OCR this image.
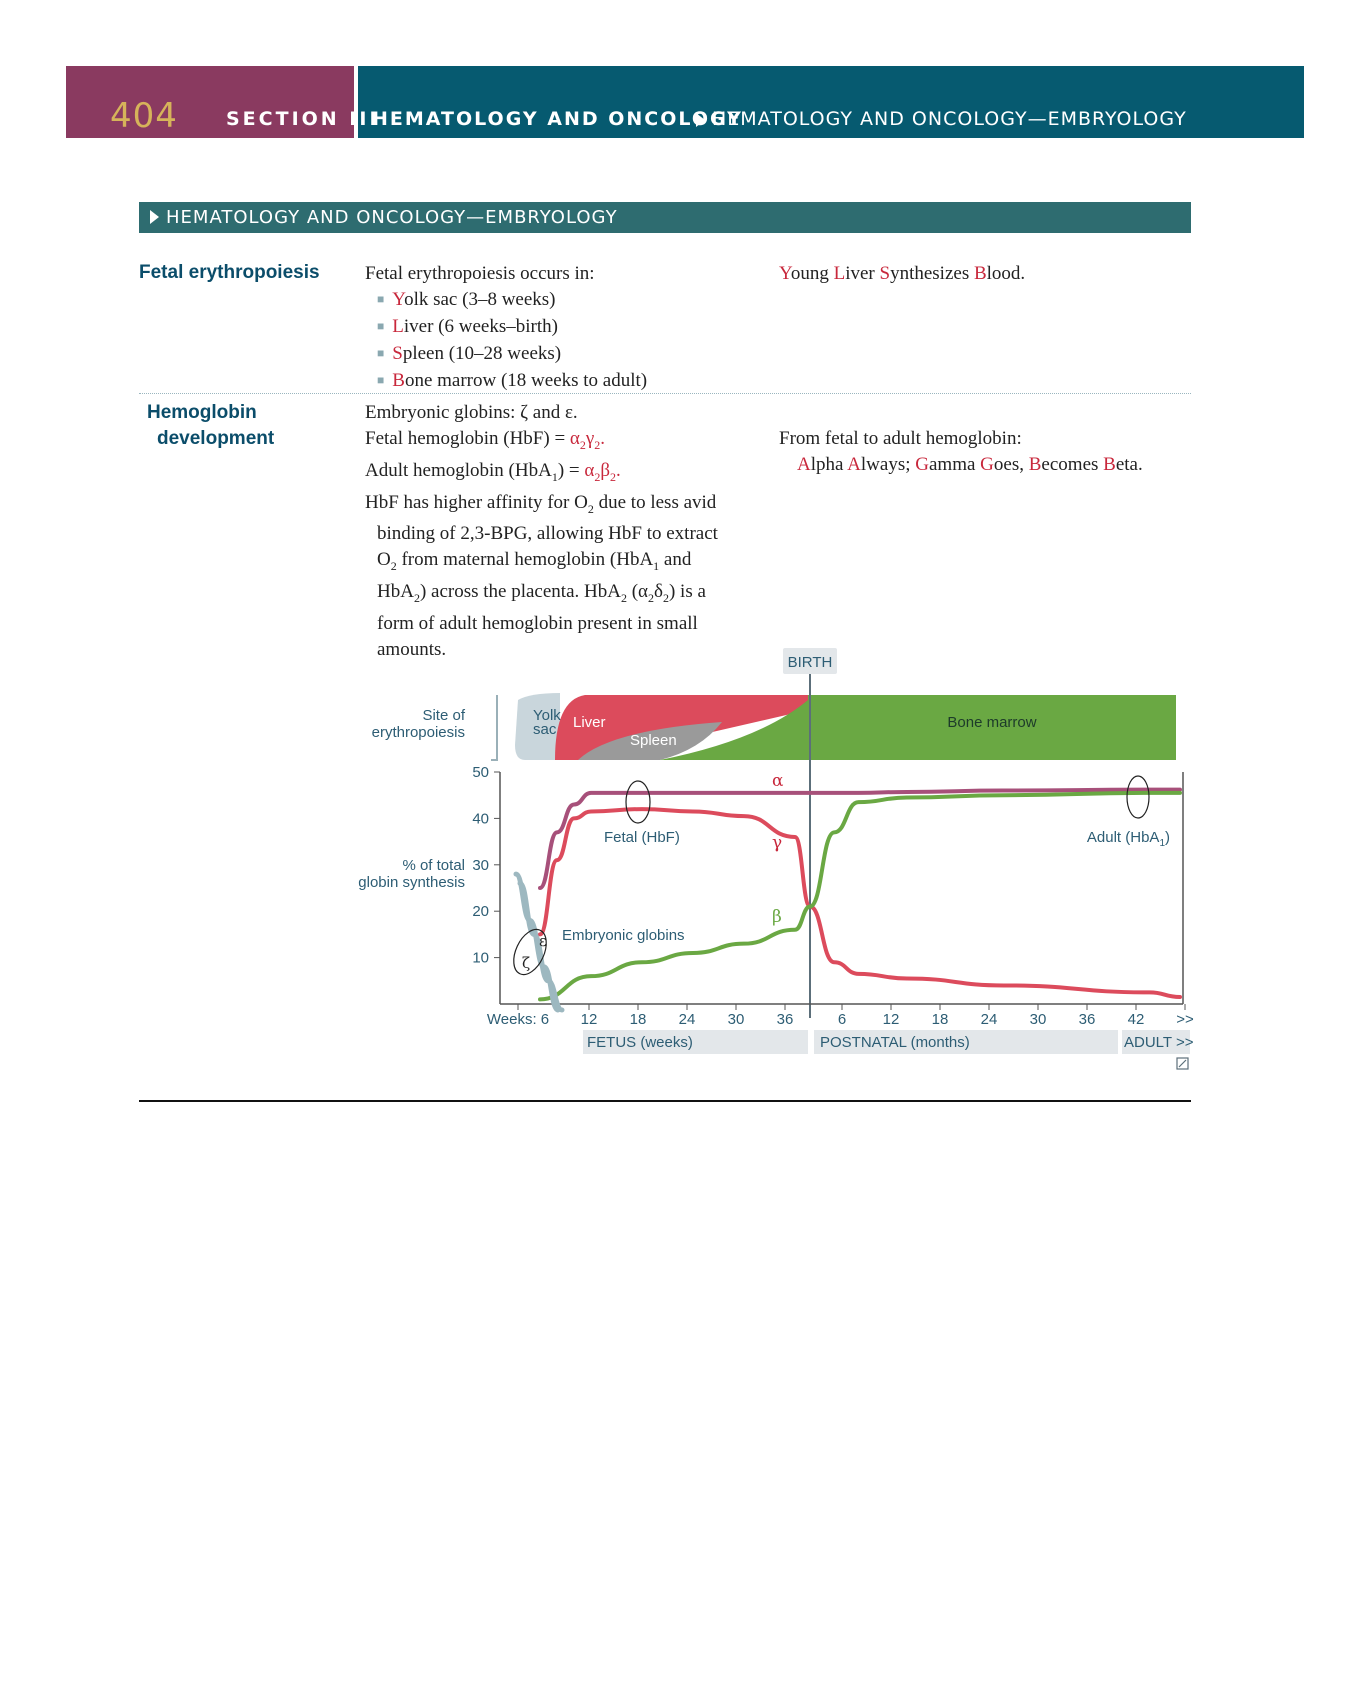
404	SECTION III
HEMATOLOGY AND ONCOLOGY
HEMATOLOGY AND ONCOLOGY—EMBRYOLOGY
HEMATOLOGY AND ONCOLOGY—EMBRYOLOGY
Fetal erythropoiesis Fetal erythropoiesis occurs in:
■ Yolk sac (3–8 weeks)
■ Liver (6 weeks–birth)
■ Spleen (10–28 weeks)
■ Bone marrow (18 weeks to adult)
Young Liver Synthesizes Blood.
Hemoglobin
development
Embryonic globins: ζ and ε.
Fetal hemoglobin $(HbF) = \alpha_2\gamma_2$.
Adult hemoglobin $(HbA_1) = \alpha_2\beta_2$.
HbF has higher affinity for $O_2$ due to less avid
binding of 2,3-BPG, allowing HbF to extract
$O_2$ from maternal hemoglobin (HbA$_1$ and
HbA$_2$) across the placenta. HbA$_2$ $(\alpha_2\delta_2)$ is a
form of adult hemoglobin present in small
amounts.
From fetal to adult hemoglobin:
Alpha Always; Gamma Goes, Becomes Beta.
Site of erythropoiesis
Yolk sac	Liver
Spleen
Bone marrow
BIRTH
10
20
30
40
50
% of total globin synthesis
Weeks: 6 12 18 24 30 36	6 12 18 24 30 36 42 >>
FETUS (weeks)	POSTNATAL (months)	ADULT >>
Fetal (HbF)	Adult (HbA$_1$)
Embryonic globins
α
γ
β
ε
ζ
